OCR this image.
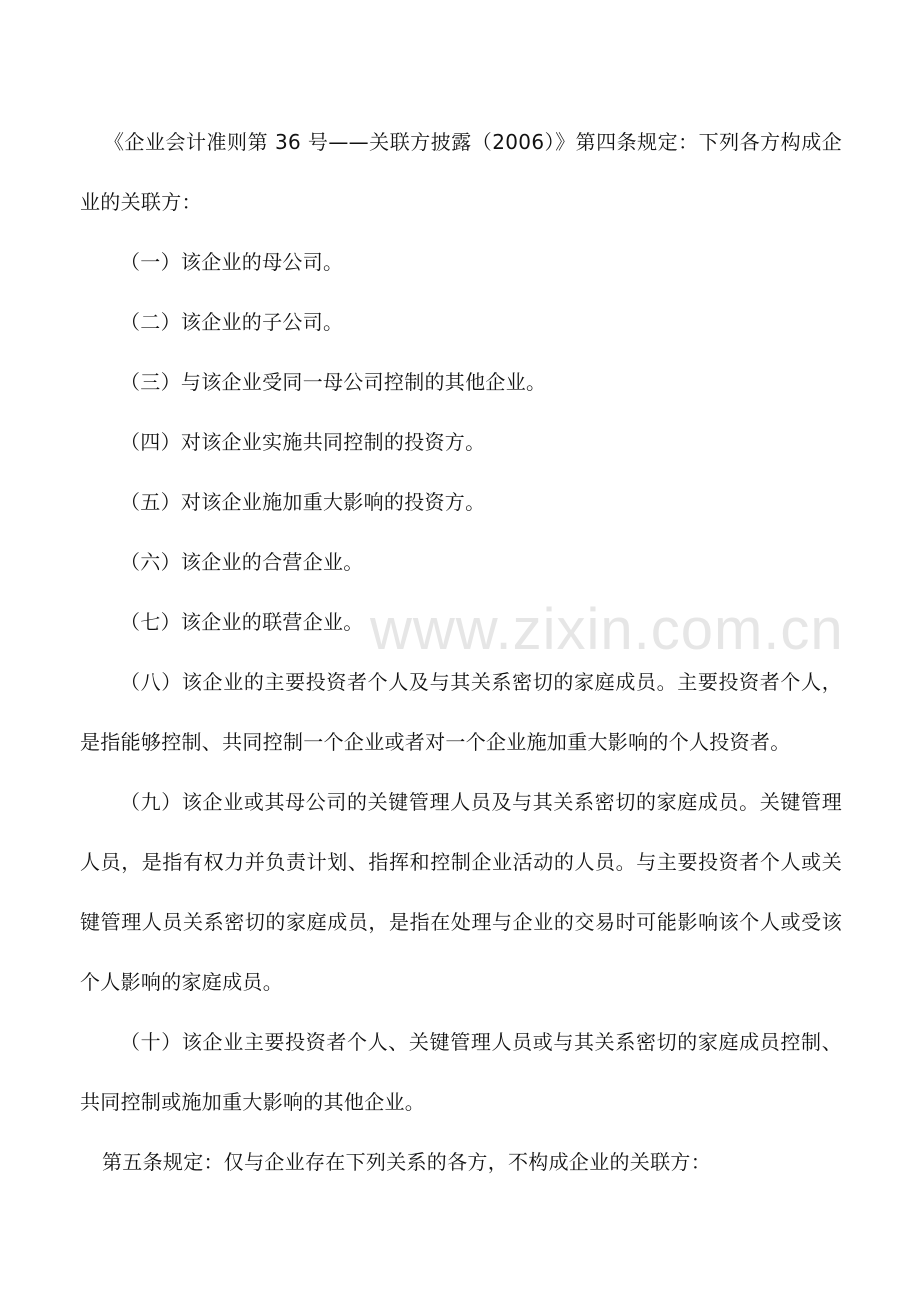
《企业会计准则第 36 号——关联方披露（2006）》第四条规定：下列各方构成企业的关联方：

（一）该企业的母公司。

（二）该企业的子公司。

（三）与该企业受同一母公司控制的其他企业。

（四）对该企业实施共同控制的投资方。

（五）对该企业施加重大影响的投资方。

（六）该企业的合营企业。

（七）该企业的联营企业。

（八）该企业的主要投资者个人及与其关系密切的家庭成员。主要投资者个人，是指能够控制、共同控制一个企业或者对一个企业施加重大影响的个人投资者。

（九）该企业或其母公司的关键管理人员及与其关系密切的家庭成员。关键管理人员，是指有权力并负责计划、指挥和控制企业活动的人员。与主要投资者个人或关键管理人员关系密切的家庭成员，是指在处理与企业的交易时可能影响该个人或受该个人影响的家庭成员。

（十）该企业主要投资者个人、关键管理人员或与其关系密切的家庭成员控制、共同控制或施加重大影响的其他企业。

第五条规定：仅与企业存在下列关系的各方，不构成企业的关联方：

www.zixin.com.cn
